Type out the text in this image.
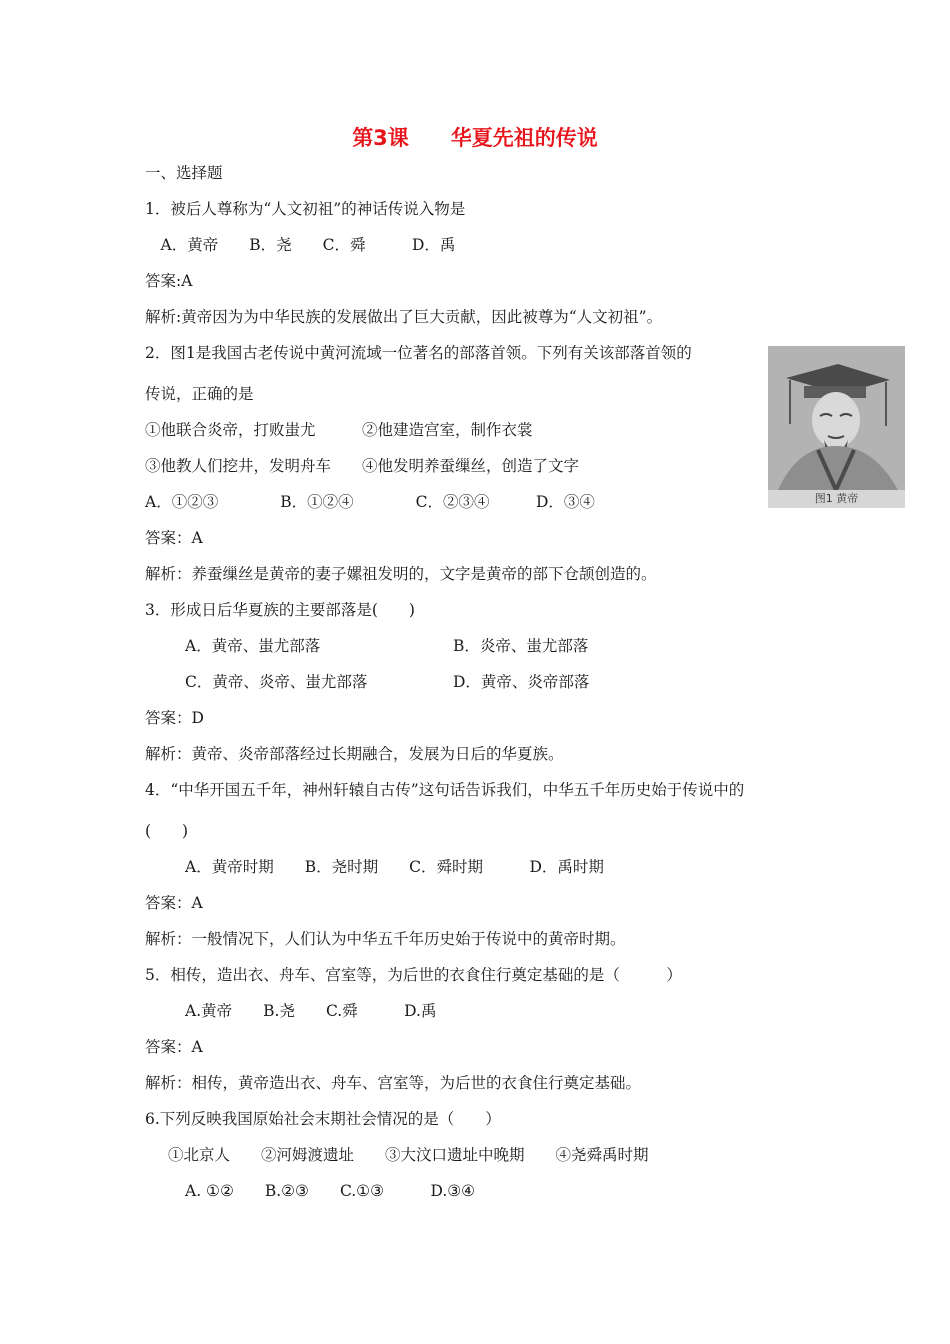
第3课　　华夏先祖的传说
一、选择题
1．被后人尊称为“人文初祖”的神话传说入物是
　A．黄帝　　B．尧　　C．舜　　　D．禹
答案:A
解析:黄帝因为为中华民族的发展做出了巨大贡献，因此被尊为“人文初祖”。
2．图1是我国古老传说中黄河流域一位著名的部落首领。下列有关该部落首领的
传说，正确的是
①他联合炎帝，打败蚩尤　　　②他建造宫室，制作衣裳
③他教人们挖井，发明舟车　　④他发明养蚕缫丝，创造了文字
A．①②③　　　　B．①②④　　　　C．②③④　　　D．③④
答案：A
解析：养蚕缫丝是黄帝的妻子嫘祖发明的，文字是黄帝的部下仓颉创造的。
图1 黄帝
3．形成日后华夏族的主要部落是(　　)
A．黄帝、蚩尤部落	B．炎帝、蚩尤部落
C．黄帝、炎帝、蚩尤部落	D．黄帝、炎帝部落
答案：D
解析：黄帝、炎帝部落经过长期融合，发展为日后的华夏族。
4．“中华开国五千年，神州轩辕自古传”这句话告诉我们，中华五千年历史始于传说中的
(　　)
A．黄帝时期　　B．尧时期　　C．舜时期　　　D．禹时期
答案：A
解析：一般情况下，人们认为中华五千年历史始于传说中的黄帝时期。
5．相传，造出衣、舟车、宫室等，为后世的衣食住行奠定基础的是（　　　）
A.黄帝　　B.尧　　C.舜　　　D.禹
答案：A
解析：相传，黄帝造出衣、舟车、宫室等，为后世的衣食住行奠定基础。
6.下列反映我国原始社会末期社会情况的是（　　）
①北京人　　②河姆渡遗址　　③大汶口遗址中晚期　　④尧舜禹时期
A. ①②　　B.②③　　C.①③　　　D.③④
